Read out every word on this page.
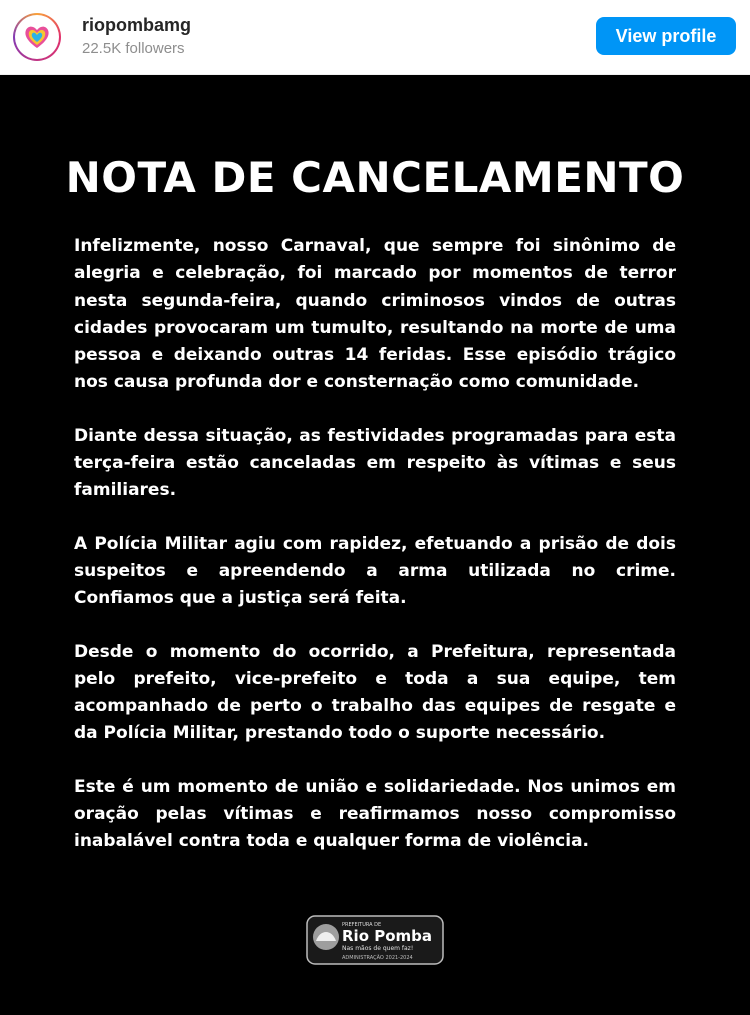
riopombamg
22.5K followers
View profile
NOTA DE CANCELAMENTO

Infelizmente, nosso Carnaval, que sempre foi sinônimo de alegria e celebração, foi marcado por momentos de terror nesta segunda-feira, quando criminosos vindos de outras cidades provocaram um tumulto, resultando na morte de uma pessoa e deixando outras 14 feridas. Esse episódio trágico nos causa profunda dor e consternação como comunidade.

Diante dessa situação, as festividades programadas para esta terça-feira estão canceladas em respeito às vítimas e seus familiares.

A Polícia Militar agiu com rapidez, efetuando a prisão de dois suspeitos e apreendendo a arma utilizada no crime. Confiamos que a justiça será feita.

Desde o momento do ocorrido, a Prefeitura, representada pelo prefeito, vice-prefeito e toda a sua equipe, tem acompanhado de perto o trabalho das equipes de resgate e da Polícia Militar, prestando todo o suporte necessário.

Este é um momento de união e solidariedade. Nos unimos em oração pelas vítimas e reafirmamos nosso compromisso inabalável contra toda e qualquer forma de violência.

PREFEITURA DE
Rio Pomba
Nas mãos de quem faz!
ADMINISTRAÇÃO 2021-2024
